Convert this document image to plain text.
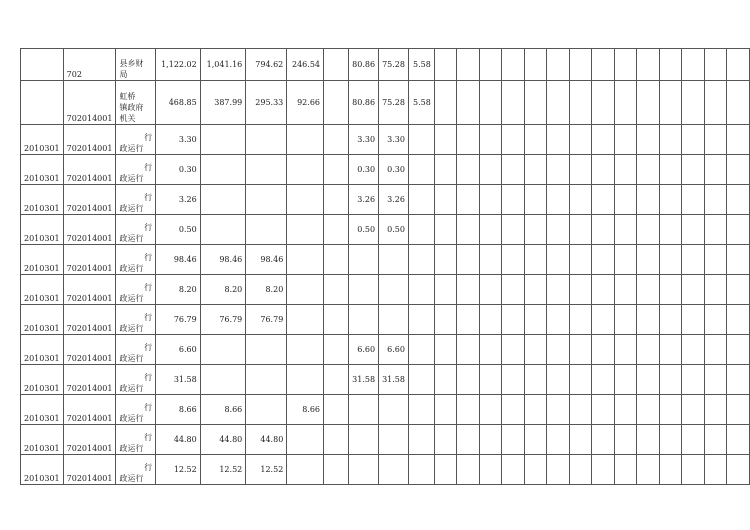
	702	县乡财
局	1,122.02	1,041.16	794.62	246.54		80.86	75.28	5.58														
	702014001	虹桥
镇政府
机关	468.85	387.99	295.33	92.66		80.86	75.28	5.58														
2010301	702014001	行
政运行	3.30					3.30	3.30															
2010301	702014001	行
政运行	0.30					0.30	0.30															
2010301	702014001	行
政运行	3.26					3.26	3.26															
2010301	702014001	行
政运行	0.50					0.50	0.50															
2010301	702014001	行
政运行	98.46	98.46	98.46																			
2010301	702014001	行
政运行	8.20	8.20	8.20																			
2010301	702014001	行
政运行	76.79	76.79	76.79																			
2010301	702014001	行
政运行	6.60					6.60	6.60															
2010301	702014001	行
政运行	31.58					31.58	31.58															
2010301	702014001	行
政运行	8.66	8.66		8.66																		
2010301	702014001	行
政运行	44.80	44.80	44.80																			
2010301	702014001	行
政运行	12.52	12.52	12.52																			
